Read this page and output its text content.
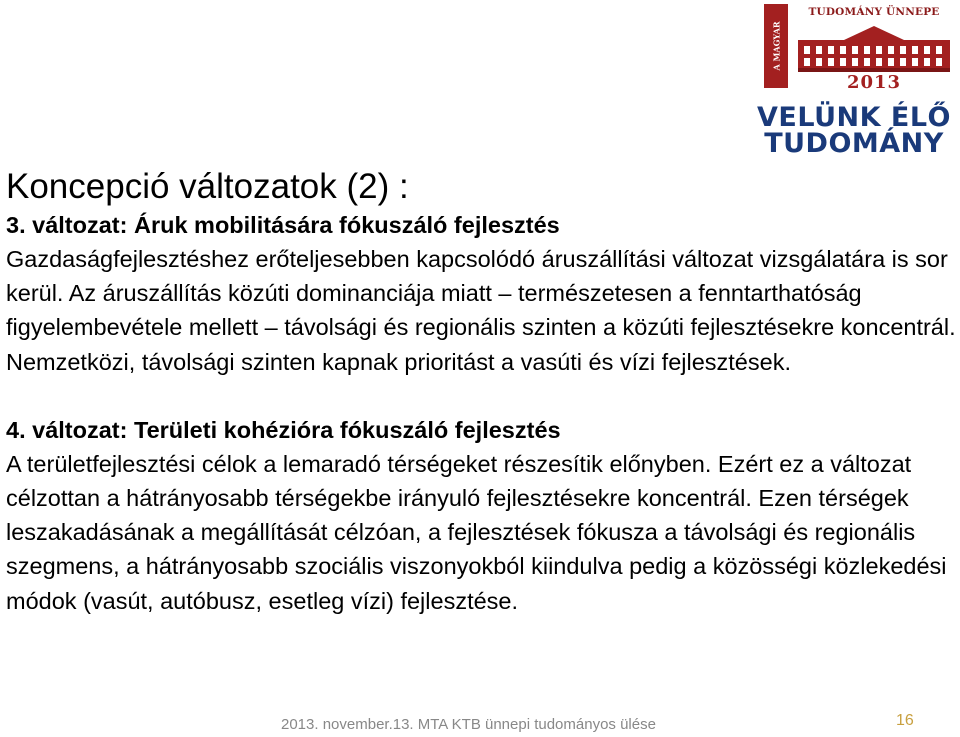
A MAGYAR
TUDOMÁNY ÜNNEPE
2013
VELÜNK ÉLŐ
TUDOMÁNY
Koncepció változatok (2) :

3. változat: Áruk mobilitására fókuszáló fejlesztés

Gazdaságfejlesztéshez erőteljesebben kapcsolódó áruszállítási változat vizsgálatára is sor kerül. Az áruszállítás közúti dominanciája miatt – természetesen a fenntarthatóság figyelembevétele mellett – távolsági és regionális szinten a közúti fejlesztésekre koncentrál. Nemzetközi, távolsági szinten kapnak prioritást a vasúti és vízi fejlesztések.

4. változat: Területi kohézióra fókuszáló fejlesztés

A területfejlesztési célok a lemaradó térségeket részesítik előnyben. Ezért ez a változat célzottan a hátrányosabb térségekbe irányuló fejlesztésekre koncentrál. Ezen térségek leszakadásának a megállítását célzóan, a fejlesztések fókusza a távolsági és regionális szegmens, a hátrányosabb szociális viszonyokból kiindulva pedig a közösségi közlekedési módok (vasút, autóbusz, esetleg vízi) fejlesztése.

2013. november.13. MTA KTB ünnepi tudományos ülése	16
